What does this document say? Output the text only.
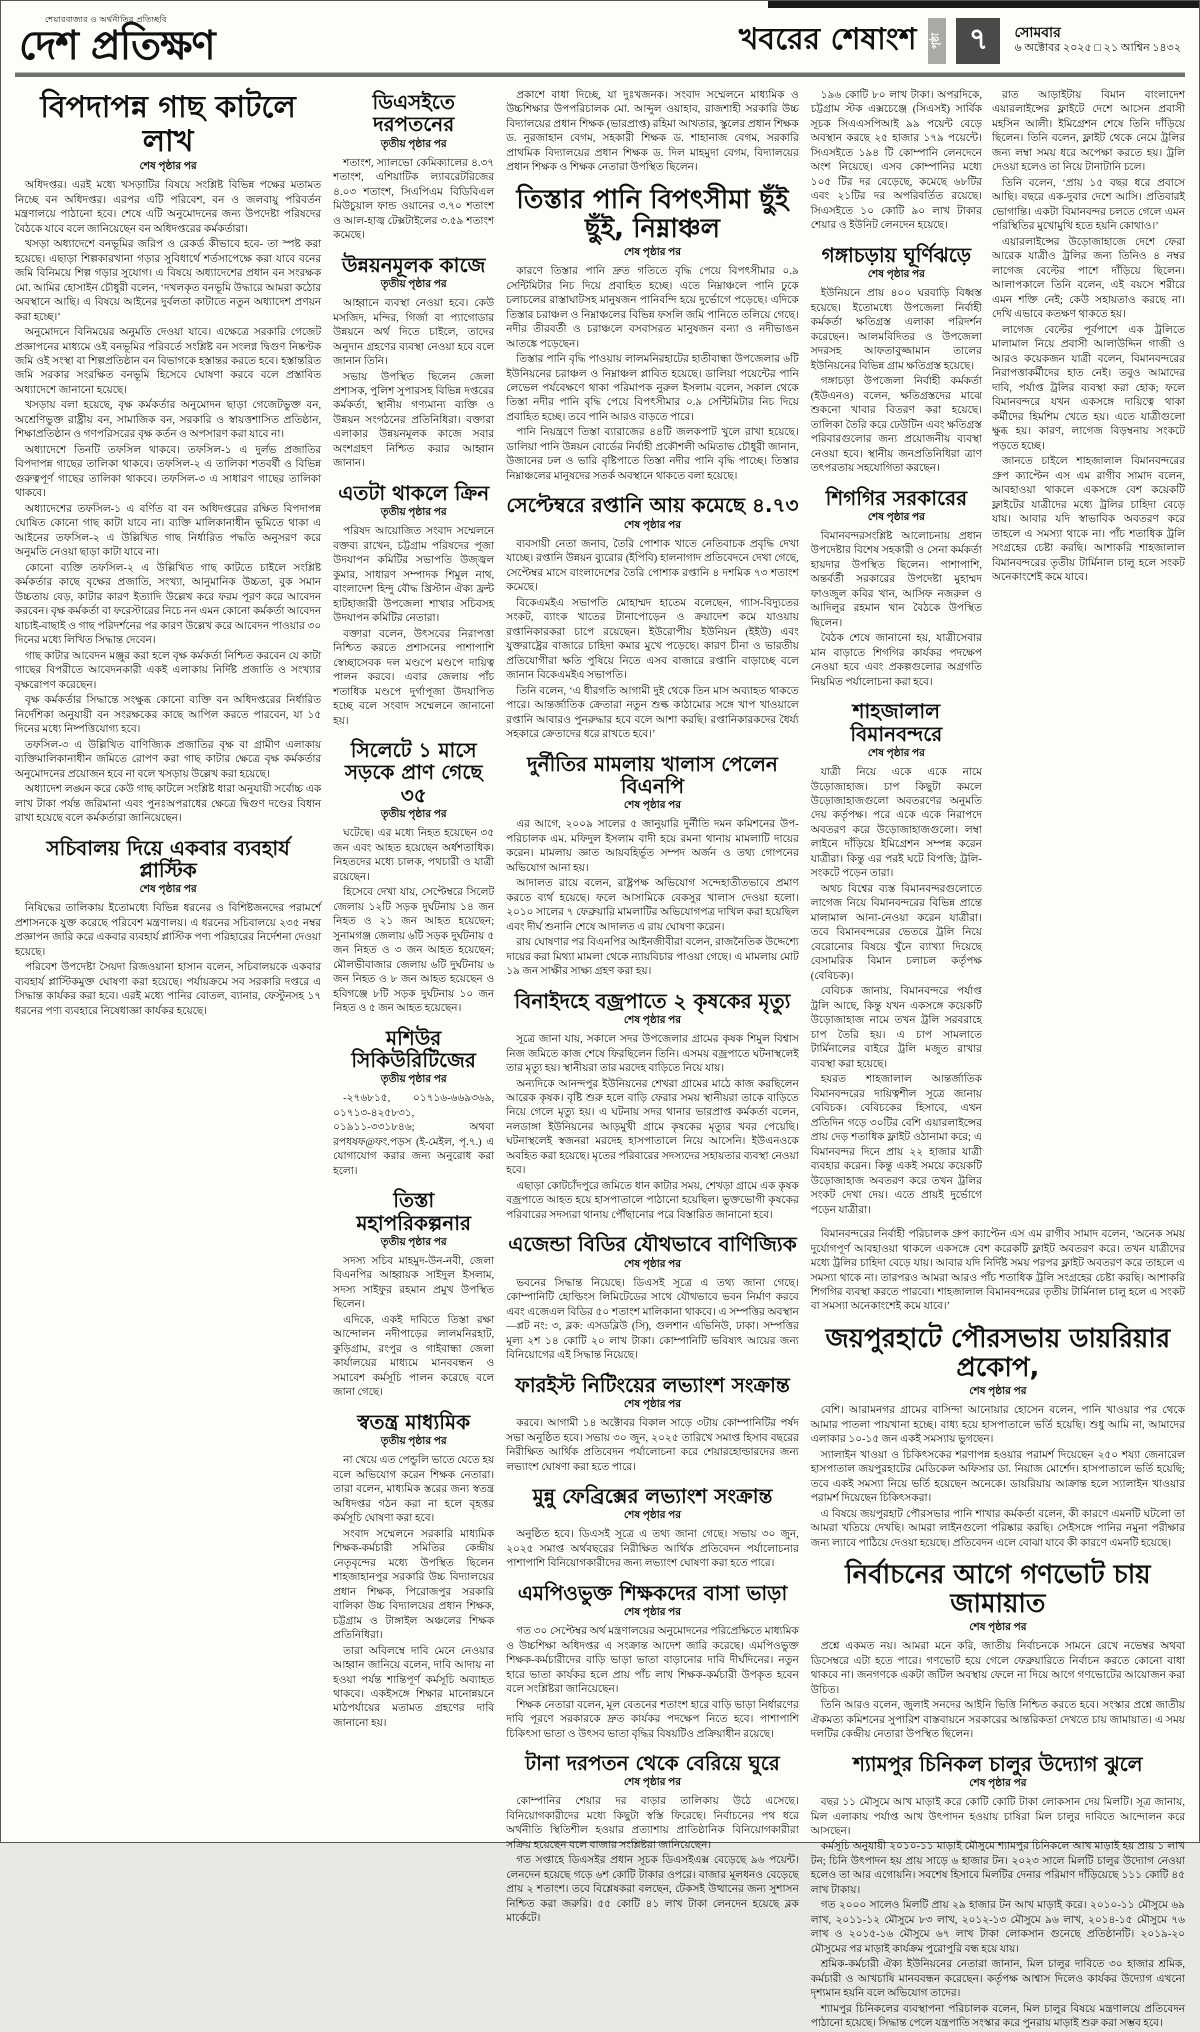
শেয়ারবাজার ও অর্থনীতির প্রতিচ্ছবি
দেশ প্রতিক্ষণ	খবরের শেষাংশ পৃষ্ঠা ৭	সোমবার
৬ অক্টোবর ২০২৫ □ ২১ আশ্বিন ১৪৩২
বিপদাপন্ন গাছ কাটলে লাখ
শেষ পৃষ্ঠার পর

অধিদপ্তর। এরই মধ্যে খসড়াটির বিষয়ে সংশ্লিষ্ট বিভিন্ন পক্ষের মতামত নিচ্ছে বন অধিদপ্তর। এরপর এটি পরিবেশ, বন ও জলবায়ু পরিবর্তন মন্ত্রণালয়ে পাঠানো হবে। শেষে এটি অনুমোদনের জন্য উপদেষ্টা পরিষদের বৈঠকে যাবে বলে জানিয়েছেন বন অধিদপ্তরের কর্মকর্তারা।

খসড়া অধ্যাদেশে বনভূমির জরিপ ও রেকর্ড কীভাবে হবে- তা স্পষ্ট করা হয়েছে। এছাড়া শিল্পকারখানা গড়ার সুবিধার্থে শর্তসাপেক্ষে করা যাবে বনের জমি বিনিময়ে শিল্প গড়ার সুযোগ। এ বিষয়ে অধ্যাদেশের প্রধান বন সংরক্ষক মো. আমির হোসাইন চৌধুরী বলেন, ‘দখলকৃত বনভূমি উদ্ধারে আমরা কঠোর অবস্থানে আছি। এ বিষয়ে আইনের দুর্বলতা কাটাতে নতুন অধ্যাদেশ প্রণয়ন করা হচ্ছে।’

অনুমোদনে বিনিময়ের অনুমতি দেওয়া যাবে। এক্ষেত্রে সরকারি গেজেট প্রজ্ঞাপনের মাধ্যমে ওই বনভূমির পরিবর্তে সংশ্লিষ্ট বন সংলগ্ন দ্বিগুণ নিষ্কণ্টক জমি ওই সংস্থা বা শিল্পপ্রতিষ্ঠান বন বিভাগকে হস্তান্তর করতে হবে। হস্তান্তরিত জমি সরকার সংরক্ষিত বনভূমি হিসেবে ঘোষণা করবে বলে প্রস্তাবিত অধ্যাদেশে জানানো হয়েছে।

খসড়ায় বলা হয়েছে, বৃক্ষ কর্মকর্তার অনুমোদন ছাড়া গেজেটভুক্ত বন, অশ্রেণিভুক্ত রাষ্ট্রীয় বন, সামাজিক বন, সরকারি ও স্বায়ত্তশাসিত প্রতিষ্ঠান, শিক্ষাপ্রতিষ্ঠান ও গণপরিসরের বৃক্ষ কর্তন ও অপসারণ করা যাবে না।

অধ্যাদেশে তিনটি তফসিল থাকবে। তফসিল-১ এ দুর্লভ প্রজাতির বিপদাপন্ন গাছের তালিকা থাকবে। তফসিল-২ এ তালিকা শতবর্ষী ও বিভিন্ন গুরুত্বপূর্ণ গাছের তালিকা থাকবে। তফসিল-৩ এ সাধারণ গাছের তালিকা থাকবে।

অধ্যাদেশের তফসিল-১ এ বর্ণিত বা বন অধিদপ্তরের রক্ষিত বিপদাপন্ন ঘোষিত কোনো গাছ কাটা যাবে না। ব্যক্তি মালিকানাধীন ভূমিতে থাকা এ আইনের তফসিল-২ এ উল্লিখিত গাছ নির্ধারিত পদ্ধতি অনুসরণ করে অনুমতি নেওয়া ছাড়া কাটা যাবে না।

কোনো ব্যক্তি তফসিল-২ এ উল্লিখিত গাছ কাটতে চাইলে সংশ্লিষ্ট কর্মকর্তার কাছে বৃক্ষের প্রজাতি, সংখ্যা, আনুমানিক উচ্চতা, বুক সমান উচ্চতায় বেড়, কাটার কারণ ইত্যাদি উল্লেখ করে ফরম পূরণ করে আবেদন করবেন। বৃক্ষ কর্মকর্তা বা ফরেস্টারের নিচে নন এমন কোনো কর্মকর্তা আবেদন যাচাই-বাছাই ও গাছ পরিদর্শনের পর কারণ উল্লেখ করে আবেদন পাওয়ার ৩০ দিনের মধ্যে লিখিত সিদ্ধান্ত দেবেন।

গাছ কাটার আবেদন মঞ্জুর করা হলে বৃক্ষ কর্মকর্তা নিশ্চিত করবেন যে কাটা গাছের বিপরীতে আবেদনকারী একই এলাকায় নির্দিষ্ট প্রজাতি ও সংখ্যার বৃক্ষরোপণ করেছেন।

বৃক্ষ কর্মকর্তার সিদ্ধান্তে সংক্ষুব্ধ কোনো ব্যক্তি বন অধিদপ্তরের নির্ধারিত নির্দেশিকা অনুযায়ী বন সংরক্ষকের কাছে আপিল করতে পারবেন, যা ১৫ দিনের মধ্যে নিষ্পত্তিযোগ্য হবে।

তফসিল-৩ এ উল্লিখিত বাণিজ্যিক প্রজাতির বৃক্ষ বা গ্রামীণ এলাকায় ব্যক্তিমালিকানাধীন জমিতে রোপণ করা গাছ কাটার ক্ষেত্রে বৃক্ষ কর্মকর্তার অনুমোদনের প্রয়োজন হবে না বলে খসড়ায় উল্লেখ করা হয়েছে।

অধ্যাদেশ লঙ্ঘন করে কেউ গাছ কাটলে সংশ্লিষ্ট ধারা অনুযায়ী সর্বোচ্চ এক লাখ টাকা পর্যন্ত জরিমানা এবং পুনঃঅপরাধের ক্ষেত্রে দ্বিগুণ দণ্ডের বিধান রাখা হয়েছে বলে কর্মকর্তারা জানিয়েছেন।

সচিবালয় দিয়ে একবার ব্যবহার্য প্লাস্টিক
শেষ পৃষ্ঠার পর

নিষিদ্ধের তালিকায় ইতোমধ্যে বিভিন্ন ধরনের ও বিশিষ্টজনদের পরামর্শে প্রশাসনকে যুক্ত করেছে পরিবেশ মন্ত্রণালয়। এ ধরনের সচিবালয়ে ২৩৫ নম্বর প্রজ্ঞাপন জারি করে একবার ব্যবহার্য প্লাস্টিক পণ্য পরিহারের নির্দেশনা দেওয়া হয়েছে।

পরিবেশ উপদেষ্টা সৈয়দা রিজওয়ানা হাসান বলেন, সচিবালয়কে একবার ব্যবহার্য প্লাস্টিকমুক্ত ঘোষণা করা হয়েছে। পর্যায়ক্রমে সব সরকারি দপ্তরে এ সিদ্ধান্ত কার্যকর করা হবে। এরই মধ্যে পানির বোতল, ব্যানার, ফেস্টুনসহ ১৭ ধরনের পণ্য ব্যবহারে নিষেধাজ্ঞা কার্যকর হয়েছে।

ডিএসইতে দরপতনের
তৃতীয় পৃষ্ঠার পর

শতাংশ, স্যালভো কেমিক্যালের ৪.৩৭ শতাংশ, এশিয়াটিক ল্যাবরেটরিজের ৪.০৩ শতাংশ, সিএপিএম বিডিবিএল মিউচুয়াল ফান্ড ওয়ানের ৩.৭০ শতাংশ ও আল-হাজ্ব টেক্সটাইলের ৩.৫৯ শতাংশ কমেছে।

উন্নয়নমূলক কাজে
তৃতীয় পৃষ্ঠার পর

আহ্বানে ব্যবস্থা নেওয়া হবে। কেউ মসজিদ, মন্দির, গির্জা বা প্যাগোডার উন্নয়নে অর্থ দিতে চাইলে, তাদের অনুদান গ্রহণের ব্যবস্থা নেওয়া হবে বলে জানান তিনি।

সভায় উপস্থিত ছিলেন জেলা প্রশাসক, পুলিশ সুপারসহ বিভিন্ন দপ্তরের কর্মকর্তা, স্থানীয় গণ্যমান্য ব্যক্তি ও উন্নয়ন সংগঠনের প্রতিনিধিরা। বক্তারা এলাকার উন্নয়নমূলক কাজে সবার অংশগ্রহণ নিশ্চিত করার আহ্বান জানান।

এতটা থাকলে ক্রিন
তৃতীয় পৃষ্ঠার পর

পরিষদ আয়োজিত সংবাদ সম্মেলনে বক্তব্য রাখেন, চট্টগ্রাম পরিষদের পূজা উদযাপন কমিটির সভাপতি উজ্জ্বল কুমার, সাধারণ সম্পাদক শিমুল নাথ, বাংলাদেশ হিন্দু বৌদ্ধ খ্রিস্টান ঐক্য ফ্রন্ট হাটহাজারী উপজেলা শাখার সচিবসহ উদযাপন কমিটির নেতারা।

বক্তারা বলেন, উৎসবের নিরাপত্তা নিশ্চিত করতে প্রশাসনের পাশাপাশি স্বেচ্ছাসেবক দল মণ্ডপে মণ্ডপে দায়িত্ব পালন করবে। এবার জেলায় পাঁচ শতাধিক মণ্ডপে দুর্গাপূজা উদযাপিত হচ্ছে বলে সংবাদ সম্মেলনে জানানো হয়।

সিলেটে ১ মাসে সড়কে প্রাণ গেছে ৩৫
তৃতীয় পৃষ্ঠার পর

ঘটেছে। এর মধ্যে নিহত হয়েছেন ৩৫ জন এবং আহত হয়েছেন অর্ধশতাধিক। নিহতদের মধ্যে চালক, পথচারী ও যাত্রী রয়েছেন।

হিসেবে দেখা যায়, সেপ্টেম্বরে সিলেট জেলায় ১২টি সড়ক দুর্ঘটনায় ১৪ জন নিহত ও ২১ জন আহত হয়েছেন; সুনামগঞ্জ জেলায় ৬টি সড়ক দুর্ঘটনায় ৫ জন নিহত ও ৩ জন আহত হয়েছেন; মৌলভীবাজার জেলায় ৬টি দুর্ঘটনায় ৬ জন নিহত ও ৮ জন আহত হয়েছেন ও হবিগঞ্জে ৮টি সড়ক দুর্ঘটনায় ১০ জন নিহত ও ৫ জন আহত হয়েছেন।

মশিউর সিকিউরিটিজের
তৃতীয় পৃষ্ঠার পর

-২৭৬৮১৫, ০১৭১৬-৬৬৯৩৬৯, ০১৭১৩-৪২৫৮৩১, ০১৯১১-৩৩১৮৪৬; অথবা রপধষফ@ফং.পড়স (ই-মেইল, পৃ.৭.) এ যোগাযোগ করার জন্য অনুরোধ করা হলো।

তিস্তা মহাপরিকল্পনার
তৃতীয় পৃষ্ঠার পর

সদস্য সচিব মাহমুদ-উন-নবী, জেলা বিএনপির আহ্বায়ক সাইদুল ইসলাম, সদস্য সাইফুর রহমান প্রমুখ উপস্থিত ছিলেন।

এদিকে, একই দাবিতে তিস্তা রক্ষা আন্দোলন নদীপাড়ের লালমনিরহাট, কুড়িগ্রাম, রংপুর ও গাইবান্ধা জেলা কার্যালয়ের মাধ্যমে মানববন্ধন ও সমাবেশ কর্মসূচি পালন করেছে বলে জানা গেছে।

স্বতন্ত্র মাধ্যমিক
তৃতীয় পৃষ্ঠার পর

না খেয়ে এত পেন্ডুলি ভাতে যেতে হয় বলে অভিযোগ করেন শিক্ষক নেতারা। তারা বলেন, মাধ্যমিক স্তরের জন্য স্বতন্ত্র অধিদপ্তর গঠন করা না হলে বৃহত্তর কর্মসূচি ঘোষণা করা হবে।

সংবাদ সম্মেলনে সরকারি মাধ্যমিক শিক্ষক-কর্মচারী সমিতির কেন্দ্রীয় নেতৃবৃন্দের মধ্যে উপস্থিত ছিলেন শাহজাহানপুর সরকারি উচ্চ বিদ্যালয়ের প্রধান শিক্ষক, পিরোজপুর সরকারি বালিকা উচ্চ বিদ্যালয়ের প্রধান শিক্ষক, চট্টগ্রাম ও টাঙ্গাইল অঞ্চলের শিক্ষক প্রতিনিধিরা।

তারা অবিলম্বে দাবি মেনে নেওয়ার আহ্বান জানিয়ে বলেন, দাবি আদায় না হওয়া পর্যন্ত শান্তিপূর্ণ কর্মসূচি অব্যাহত থাকবে। একইসঙ্গে শিক্ষার মানোন্নয়নে মাঠপর্যায়ের মতামত গ্রহণের দাবি জানানো হয়।

প্রকাশে বাধা দিচ্ছে, যা দুঃখজনক। সংবাদ সম্মেলনে মাধ্যমিক ও উচ্চশিক্ষার উপপরিচালক মো. আব্দুল ওয়াহাব, রাজশাহী সরকারি উচ্চ বিদ্যালয়ের প্রধান শিক্ষক (ভারপ্রাপ্ত) রহিমা আখতার, স্কুলের প্রধান শিক্ষক ড. নুরজাহান বেগম, সহকারী শিক্ষক ড. শাহানাজ বেগম, সরকারি প্রাথমিক বিদ্যালয়ের প্রধান শিক্ষক ড. দিল মাহমুদা বেগম, বিদ্যালয়ের প্রধান শিক্ষক ও শিক্ষক নেতারা উপস্থিত ছিলেন।

তিস্তার পানি বিপৎসীমা ছুঁই ছুঁই, নিম্নাঞ্চল
শেষ পৃষ্ঠার পর

কারণে তিস্তার পানি দ্রুত গতিতে বৃদ্ধি পেয়ে বিপৎসীমার ০.৯ সেন্টিমিটার নিচ দিয়ে প্রবাহিত হচ্ছে। এতে নিম্নাঞ্চলে পানি ঢুকে চলাচলের রাস্তাঘাটসহ মানুষজন পানিবন্দি হয়ে দুর্ভোগে পড়েছে। এদিকে তিস্তার চরাঞ্চল ও নিম্নাঞ্চলের বিভিন্ন ফসলি জমি পানিতে তলিয়ে গেছে। নদীর তীরবর্তী ও চরাঞ্চলে বসবাসরত মানুষজন বন্যা ও নদীভাঙন আতঙ্কে পড়েছেন।

তিস্তার পানি বৃদ্ধি পাওয়ায় লালমনিরহাটের হাতীবান্ধা উপজেলার ৬টি ইউনিয়নের চরাঞ্চল ও নিম্নাঞ্চল প্লাবিত হয়েছে। ডালিয়া পয়েন্টের পানি লেভেল পর্যবেক্ষণে থাকা পরিমাপক নুরুল ইসলাম বলেন, সকাল থেকে তিস্তা নদীর পানি বৃদ্ধি পেয়ে বিপৎসীমার ০.৯ সেন্টিমিটার নিচ দিয়ে প্রবাহিত হচ্ছে। তবে পানি আরও বাড়তে পারে।

পানি নিয়ন্ত্রণে তিস্তা ব্যারাজের ৪৪টি জলকপাট খুলে রাখা হয়েছে। ডালিয়া পানি উন্নয়ন বোর্ডের নির্বাহী প্রকৌশলী অমিতাভ চৌধুরী জানান, উজানের ঢল ও ভারি বৃষ্টিপাতে তিস্তা নদীর পানি বৃদ্ধি পাচ্ছে। তিস্তার নিম্নাঞ্চলের মানুষদের সতর্ক অবস্থানে থাকতে বলা হয়েছে।

সেপ্টেম্বরে রপ্তানি আয় কমেছে ৪.৭৩
শেষ পৃষ্ঠার পর

ব্যবসায়ী নেতা জনাব, তৈরি পোশাক খাতে নেতিবাচক প্রবৃদ্ধি দেখা যাচ্ছে। রপ্তানি উন্নয়ন ব্যুরোর (ইপিবি) হালনাগাদ প্রতিবেদনে দেখা গেছে, সেপ্টেম্বর মাসে বাংলাদেশের তৈরি পোশাক রপ্তানি ৪ দশমিক ৭৩ শতাংশ কমেছে।

বিকেএমইএ সভাপতি মোহাম্মদ হাতেম বলেছেন, গ্যাস-বিদ্যুতের সংকট, ব্যাংক খাতের টানাপোড়েন ও ক্রয়াদেশ কমে যাওয়ায় রপ্তানিকারকরা চাপে রয়েছেন। ইউরোপীয় ইউনিয়ন (ইইউ) এবং যুক্তরাষ্ট্রের বাজারে চাহিদা কমার মুখে পড়েছে। কারণ চীনা ও ভারতীয় প্রতিযোগীরা ক্ষতি পুষিয়ে নিতে এসব বাজারে রপ্তানি বাড়াচ্ছে বলে জানান বিকেএমইএ সভাপতি।

তিনি বলেন, ‘এ ধীরগতি আগামী দুই থেকে তিন মাস অব্যাহত থাকতে পারে। আন্তর্জাতিক ক্রেতারা নতুন শুল্ক কাঠামোর সঙ্গে খাপ খাওয়ালে রপ্তানি আবারও পুনরুদ্ধার হবে বলে আশা করছি। রপ্তানিকারকদের ধৈর্য্য সহকারে ক্রেতাদের ধরে রাখতে হবে।’

দুর্নীতির মামলায় খালাস পেলেন বিএনপি
শেষ পৃষ্ঠার পর

এর আগে, ২০০৯ সালের ৫ জানুয়ারি দুর্নীতি দমন কমিশনের উপ-পরিচালক এম. মফিদুল ইসলাম বাদী হয়ে রমনা থানায় মামলাটি দায়ের করেন। মামলায় জ্ঞাত আয়বহির্ভূত সম্পদ অর্জন ও তথ্য গোপনের অভিযোগ আনা হয়।

আদালত রায়ে বলেন, রাষ্ট্রপক্ষ অভিযোগ সন্দেহাতীতভাবে প্রমাণ করতে ব্যর্থ হয়েছে। ফলে আসামিকে বেকসুর খালাস দেওয়া হলো। ২০১০ সালের ৭ ফেব্রুয়ারি মামলাটির অভিযোগপত্র দাখিল করা হয়েছিল এবং দীর্ঘ শুনানি শেষে আদালত এ রায় ঘোষণা করেন।

রায় ঘোষণার পর বিএনপির আইনজীবীরা বলেন, রাজনৈতিক উদ্দেশ্যে দায়ের করা মিথ্যা মামলা থেকে ন্যায়বিচার পাওয়া গেছে। এ মামলায় মোট ১৯ জন সাক্ষীর সাক্ষ্য গ্রহণ করা হয়।

বিনাইদহে বজ্রপাতে ২ কৃষকের মৃত্যু
শেষ পৃষ্ঠার পর

সূত্রে জানা যায়, সকালে সদর উপজেলার গ্রামের কৃষক শিমুল বিশ্বাস নিজ জমিতে কাজ শেষে ফিরছিলেন তিনি। এসময় বজ্রপাতে ঘটনাস্থলেই তার মৃত্যু হয়। স্থানীয়রা তার মরদেহ বাড়িতে নিয়ে যায়।

অন্যদিকে আনন্দপুর ইউনিয়নের শেখরা গ্রামের মাঠে কাজ করছিলেন আরেক কৃষক। বৃষ্টি শুরু হলে বাড়ি ফেরার সময় স্থানীয়রা তাকে বাড়িতে নিয়ে গেলে মৃত্যু হয়। এ ঘটনায় সদর থানার ভারপ্রাপ্ত কর্মকর্তা বলেন, নলডাঙ্গা ইউনিয়নের আড়মুখী গ্রামে কৃষকের মৃত্যুর খবর পেয়েছি। ঘটনাস্থলেই স্বজনরা মরদেহ হাসপাতালে নিয়ে আসেনি। ইউএনওকে অবহিত করা হয়েছে। মৃতের পরিবারের সদস্যদের সহায়তার ব্যবস্থা নেওয়া হবে।

এছাড়া কোটচাঁদপুরে জমিতে ধান কাটার সময়, শেখড়া গ্রামে এক কৃষক বজ্রপাতে আহত হয়ে হাসপাতালে পাঠানো হয়েছিল। ভুক্তভোগী কৃষকের পরিবারের সদস্যরা থানায় পৌঁছানোর পরে বিস্তারিত জানানো হবে।

এজেন্ডা বিডির যৌথভাবে বাণিজ্যিক
শেষ পৃষ্ঠার পর

ভবনের সিদ্ধান্ত নিয়েছে। ডিএসই সূত্রে এ তথ্য জানা গেছে। কোম্পানিটি হোল্ডিংস লিমিটেডের সাথে যৌথভাবে ভবন নির্মাণ করবে এবং এজেএল বিডির ৫০ শতাংশ মালিকানা থাকবে। এ সম্পত্তির অবস্থান—প্লট নং: ৩, ব্লক: এসডব্লিউ (সি), গুলশান এভিনিউ, ঢাকা। সম্পত্তির মূল্য ২শ ১৪ কোটি ২০ লাখ টাকা। কোম্পানিটি ভবিষ্যৎ আয়ের জন্য বিনিয়োগের এই সিদ্ধান্ত নিয়েছে।

ফারইস্ট নিটিংয়ের লভ্যাংশ সংক্রান্ত
শেষ পৃষ্ঠার পর

করবে। আগামী ১৪ অক্টোবর বিকাল সাড়ে ৩টায় কোম্পানিটির পর্ষদ সভা অনুষ্ঠিত হবে। সভায় ৩০ জুন, ২০২৫ তারিখে সমাপ্ত হিসাব বছরের নিরীক্ষিত আর্থিক প্রতিবেদন পর্যালোচনা করে শেয়ারহোল্ডারদের জন্য লভ্যাংশ ঘোষণা করা হতে পারে।

মুন্নু ফেব্রিক্সের লভ্যাংশ সংক্রান্ত
শেষ পৃষ্ঠার পর

অনুষ্ঠিত হবে। ডিএসই সূত্রে এ তথ্য জানা গেছে। সভায় ৩০ জুন, ২০২৫ সমাপ্ত অর্থবছরের নিরীক্ষিত আর্থিক প্রতিবেদন পর্যালোচনার পাশাপাশি বিনিয়োগকারীদের জন্য লভ্যাংশ ঘোষণা করা হতে পারে।

এমপিওভুক্ত শিক্ষকদের বাসা ভাড়া
শেষ পৃষ্ঠার পর

গত ৩০ সেপ্টেম্বর অর্থ মন্ত্রণালয়ের অনুমোদনের পরিপ্রেক্ষিতে মাধ্যমিক ও উচ্চশিক্ষা অধিদপ্তর এ সংক্রান্ত আদেশ জারি করেছে। এমপিওভুক্ত শিক্ষক-কর্মচারীদের বাড়ি ভাড়া ভাতা বাড়ানোর দাবি দীর্ঘদিনের। নতুন হারে ভাতা কার্যকর হলে প্রায় পাঁচ লাখ শিক্ষক-কর্মচারী উপকৃত হবেন বলে সংশ্লিষ্টরা জানিয়েছেন।

শিক্ষক নেতারা বলেন, মূল বেতনের শতাংশ হারে বাড়ি ভাড়া নির্ধারণের দাবি পূরণে সরকারকে দ্রুত কার্যকর পদক্ষেপ নিতে হবে। পাশাপাশি চিকিৎসা ভাতা ও উৎসব ভাতা বৃদ্ধির বিষয়টিও প্রক্রিয়াধীন রয়েছে।

টানা দরপতন থেকে বেরিয়ে ঘুরে
শেষ পৃষ্ঠার পর

কোম্পানির শেয়ার দর বাড়ার তালিকায় উঠে এসেছে। বিনিয়োগকারীদের মধ্যে কিছুটা স্বস্তি ফিরেছে। নির্বাচনের পথ ধরে অর্থনীতি স্থিতিশীল হওয়ার প্রত্যাশায় প্রাতিষ্ঠানিক বিনিয়োগকারীরা সক্রিয় হয়েছেন বলে বাজার সংশ্লিষ্টরা জানিয়েছেন।

গত সপ্তাহে ডিএসইর প্রধান সূচক ডিএসইএক্স বেড়েছে ৯৬ পয়েন্ট। লেনদেন হয়েছে গড়ে ৬শ কোটি টাকার ওপরে। বাজার মূলধনও বেড়েছে প্রায় ২ শতাংশ। তবে বিশ্লেষকরা বলছেন, টেকসই উত্থানের জন্য সুশাসন নিশ্চিত করা জরুরি। ৫৫ কোটি ৪১ লাখ টাকা লেনদেন হয়েছে ব্লক মার্কেটে।

১৯৬ কোটি ৮০ লাখ টাকা। অপরদিকে, চট্টগ্রাম স্টক এক্সচেঞ্জে (সিএসই) সার্বিক সূচক সিএএসপিআই ৯৯ পয়েন্ট বেড়ে অবস্থান করছে ২৫ হাজার ১৭৯ পয়েন্টে। সিএসইতে ১৯৪ টি কোম্পানি লেনদেনে অংশ নিয়েছে। এসব কোম্পানির মধ্যে ১০৫ টির দর বেড়েছে, কমেছে ৬৮টির এবং ২১টির দর অপরিবর্তিত রয়েছে। সিএসইতে ১০ কোটি ৯০ লাখ টাকার শেয়ার ও ইউনিট লেনদেন হয়েছে।

গঙ্গাচড়ায় ঘূর্ণিঝড়ে
শেষ পৃষ্ঠার পর

ইউনিয়নে প্রায় ৪০০ ঘরবাড়ি বিধ্বস্ত হয়েছে। ইতোমধ্যে উপজেলা নির্বাহী কর্মকর্তা ক্ষতিগ্রস্ত এলাকা পরিদর্শন করেছেন। আলমবিদিতর ও উপজেলা সদরসহ আফতাবুজ্জামান তালের ইউনিয়নের বিভিন্ন গ্রাম ক্ষতিগ্রস্ত হয়েছে।

গঙ্গাচড়া উপজেলা নির্বাহী কর্মকর্তা (ইউএনও) বলেন, ক্ষতিগ্রস্তদের মাঝে শুকনো খাবার বিতরণ করা হয়েছে। তালিকা তৈরি করে ঢেউটিন এবং ক্ষতিগ্রস্ত পরিবারগুলোর জন্য প্রয়োজনীয় ব্যবস্থা নেওয়া হবে। স্থানীয় জনপ্রতিনিধিরা ত্রাণ তৎপরতায় সহযোগিতা করছেন।

শিগগির সরকারের
শেষ পৃষ্ঠার পর

বিমানবন্দরসংশ্লিষ্ট আলোচনায় প্রধান উপদেষ্টার বিশেষ সহকারী ও সেনা কর্মকর্তা হায়দার উপস্থিত ছিলেন। পাশাপাশি, অন্তর্বর্তী সরকারের উপদেষ্টা মুহাম্মদ ফাওজুল কবির খান, আসিফ নজরুল ও আদিলুর রহমান খান বৈঠকে উপস্থিত ছিলেন।

বৈঠক শেষে জানানো হয়, যাত্রীসেবার মান বাড়াতে শিগগির কার্যকর পদক্ষেপ নেওয়া হবে এবং প্রকল্পগুলোর অগ্রগতি নিয়মিত পর্যালোচনা করা হবে।

শাহজালাল বিমানবন্দরে
শেষ পৃষ্ঠার পর

যাত্রী নিয়ে একে একে নামে উড়োজাহাজ। চাপ কিছুটা কমলে উড়োজাহাজগুলো অবতরণের অনুমতি দেয় কর্তৃপক্ষ। পরে একে একে নিরাপদে অবতরণ করে উড়োজাহাজগুলো। লম্বা লাইনে দাঁড়িয়ে ইমিগ্রেশন সম্পন্ন করেন যাত্রীরা। কিন্তু এর পরই ঘটে বিপত্তি; ট্রলি-সংকটে পড়েন তারা।

অথচ বিশ্বের ব্যস্ত বিমানবন্দরগুলোতে লাগেজ নিয়ে বিমানবন্দরের বিভিন্ন প্রান্তে মালামাল আনা-নেওয়া করেন যাত্রীরা। তবে বিমানবন্দরের ভেতরে ট্রলি নিয়ে বেরোনোর বিষয়ে খুঁনে ব্যাখ্যা দিয়েছে বেসামরিক বিমান চলাচল কর্তৃপক্ষ (বেবিচক)।

বেবিচক জানায়, বিমানবন্দরে পর্যাপ্ত ট্রলি আছে, কিন্তু যখন একসঙ্গে কয়েকটি উড়োজাহাজ নামে তখন ট্রলি সরবরাহে চাপ তৈরি হয়। এ চাপ সামলাতে টার্মিনালের বাইরে ট্রলি মজুত রাখার ব্যবস্থা করা হয়েছে।

হযরত শাহজালাল আন্তর্জাতিক বিমানবন্দরের দায়িত্বশীল সূত্রে জানায় বেবিচক। বেবিচকের হিসাবে, এখন প্রতিদিন গড়ে ৩০টির বেশি এয়ারলাইন্সের প্রায় দেড় শতাধিক ফ্লাইট ওঠানামা করে; এ বিমানবন্দর দিনে প্রায় ২২ হাজার যাত্রী ব্যবহার করেন। কিন্তু একই সময়ে কয়েকটি উড়োজাহাজ অবতরণ করে তখন ট্রলির সংকট দেখা দেয়। এতে প্রায়ই দুর্ভোগে পড়েন যাত্রীরা।

রাত আড়াইটায় বিমান বাংলাদেশ এয়ারলাইন্সের ফ্লাইটে দেশে আসেন প্রবাসী মহসিন আলী। ইমিগ্রেশন শেষে তিনি দাঁড়িয়ে ছিলেন। তিনি বলেন, ফ্লাইট থেকে নেমে ট্রলির জন্য লম্বা সময় ধরে অপেক্ষা করতে হয়। ট্রলি দেওয়া হলেও তা নিয়ে টানাটানি চলে।

তিনি বলেন, ‘প্রায় ১৫ বছর ধরে প্রবাসে আছি। বছরে এক-দুবার দেশে আসি। প্রতিবারই ভোগান্তি। একটা বিমানবন্দর চলতে গেলে এমন পরিস্থিতির মুখোমুখি হতে হয়নি কোথাও।’

এয়ারলাইন্সের উড়োজাহাজে দেশে ফেরা আরেক যাত্রীও ট্রলির জন্য তিনিও ৪ নম্বর লাগেজ বেল্টের পাশে দাঁড়িয়ে ছিলেন। আলাপকালে তিনি বলেন, এই বয়সে শরীরে এমন শক্তি নেই; কেউ সহায়তাও করছে না। দেখি এভাবে কতক্ষণ থাকতে হয়।

লাগেজ বেল্টের পূর্বপাশে এক ট্রলিতে মালামাল নিয়ে প্রবাসী আলাউদ্দিন গাজী ও আরও কয়েকজন যাত্রী বলেন, বিমানবন্দরের নিরাপত্তাকর্মীদের হাত নেই। তবুও আমাদের দাবি, পর্যাপ্ত ট্রলির ব্যবস্থা করা হোক; ফলে বিমানবন্দরে যখন একসঙ্গে দায়িত্বে থাকা কর্মীদের হিমশিম খেতে হয়। এতে যাত্রীগুলো ক্ষুব্ধ হয়। কারণ, লাগেজ বিড়ম্বনায় সংকটে পড়তে হচ্ছে।

জানতে চাইলে শাহজালাল বিমানবন্দরের গ্রুপ ক্যাপ্টেন এস এম রাগীব সামাদ বলেন, আবহাওয়া থাকলে একসঙ্গে বেশ কয়েকটি ফ্লাইটের যাত্রীদের মধ্যে ট্রলির চাহিদা বেড়ে যায়। আবার যদি স্বাভাবিক অবতরণ করে তাহলে এ সমস্যা থাকে না। পাঁচ শতাধিক ট্রলি সংগ্রহের চেষ্টা করছি। আশাকরি শাহজালাল বিমানবন্দরের তৃতীয় টার্মিনাল চালু হলে সংকট অনেকাংশেই কমে যাবে।

বিমানবন্দরের নির্বাহী পরিচালক গ্রুপ ক্যাপ্টেন এস এম রাগীব সামাদ বলেন, ‘অনেক সময় দুর্যোগপূর্ণ আবহাওয়া থাকলে একসঙ্গে বেশ করেকটি ফ্লাইট অবতরণ করে। তখন যাত্রীদের মধ্যে ট্রলির চাহিদা বেড়ে যায়। আবার যদি নির্দিষ্ট সময় পরপর ফ্লাইট অবতরণ করে তাহলে এ সমস্যা থাকে না। তারপরও আমরা আরও পাঁচ শতাধিক ট্রলি সংগ্রহের চেষ্টা করছি। আশাকরি শিগগির ব্যবস্থা করতে পারবো। শাহজালাল বিমানবন্দরের তৃতীয় টার্মিনাল চালু হলে এ সংকট বা সমস্যা অনেকাংশেই কমে যাবে।’

জয়পুরহাটে পৌরসভায় ডায়রিয়ার প্রকোপ,
শেষ পৃষ্ঠার পর

বেশি। আরামনগর গ্রামের বাসিন্দা আনোয়ার হোসেন বলেন, পানি খাওয়ার পর থেকে আমার পাতলা পায়খানা হচ্ছে। বাধ্য হয়ে হাসপাতালে ভর্তি হয়েছি। শুধু আমি না, আমাদের এলাকার ১০-১৫ জন একই সমস্যায় ভুগছেন।

স্যালাইন খাওয়া ও চিকিৎসকের শরণাপন্ন হওয়ার পরামর্শ দিয়েছেন ২৫০ শয্যা জেনারেল হাসপাতাল জয়পুরহাটের মেডিকেল অফিসার ডা. নিয়াজ মোর্শেদ। হাসপাতালে ভর্তি হয়েছি; তবে একই সমস্যা নিয়ে ভর্তি হয়েছেন অনেকে। ডায়রিয়ায় আক্রান্ত হলে স্যালাইন খাওয়ার পরামর্শ দিয়েছেন চিকিৎসকরা।

এ বিষয়ে জয়পুরহাট পৌরসভার পানি শাখার কর্মকর্তা বলেন, কী কারণে এমনটি ঘটলো তা আমরা খতিয়ে দেখছি। আমরা লাইনগুলো পরিষ্কার করছি। সেইসঙ্গে পানির নমুনা পরীক্ষার জন্য ল্যাবে পাঠিয়ে দেওয়া হয়েছে। প্রতিবেদন এলে বোঝা যাবে কী কারণে এমনটি হয়েছে।

নির্বাচনের আগে গণভোট চায় জামায়াত
শেষ পৃষ্ঠার পর

প্রশ্নে একমত নয়। আমরা মনে করি, জাতীয় নির্বাচনকে সামনে রেখে নভেম্বর অথবা ডিসেম্বরে এটা হতে পারে। গণভোট হয়ে গেলে ফেব্রুয়ারিতে নির্বাচন করতে কোনো বাধা থাকবে না। জনগণকে একটা জটিল অবস্থায় ফেলে না দিয়ে আগে গণভোটের আয়োজন করা উচিত।

তিনি আরও বলেন, জুলাই সনদের আইনি ভিত্তি নিশ্চিত করতে হবে। সংস্কার প্রশ্নে জাতীয় ঐকমত্য কমিশনের সুপারিশ বাস্তবায়নে সরকারের আন্তরিকতা দেখতে চায় জামায়াত। এ সময় দলটির কেন্দ্রীয় নেতারা উপস্থিত ছিলেন।

শ্যামপুর চিনিকল চালুর উদ্যোগ ঝুলে
শেষ পৃষ্ঠার পর

বছর ১১ মৌসুমে আখ মাড়াই করে কোটি কোটি টাকা লোকসান দেয় মিলটি। সূত্র জানায়, মিল এলাকায় পর্যাপ্ত আখ উৎপাদন হওয়ায় চাষিরা মিল চালুর দাবিতে আন্দোলন করে আসছেন।

কর্মসূচি অনুযায়ী ২০১০-১১ মাড়াই মৌসুমে শ্যামপুর চিনিকলে আখ মাড়াই হয় প্রায় ১ লাখ টন; চিনি উৎপাদন হয় প্রায় সাড়ে ৬ হাজার টন। ২০২৩ সালে মিলটি চালুর উদ্যোগ নেওয়া হলেও তা আর এগোয়নি। সবশেষ হিসাবে মিলটির দেনার পরিমাণ দাঁড়িয়েছে ১১১ কোটি ৪৫ লাখ টাকায়।

গত ২০০০ সালেও মিলটি প্রায় ২৯ হাজার টন আখ মাড়াই করে। ২০১০-১১ মৌসুমে ৬৯ লাখ, ২০১১-১২ মৌসুমে ৮৩ লাখ, ২০১২-১৩ মৌসুমে ৯৬ লাখ, ২০১৪-১৫ মৌসুমে ৭৬ লাখ ও ২০১৫-১৬ মৌসুমে ৬৭ লাখ টাকা লোকসান গুনেছে প্রতিষ্ঠানটি। ২০১৯-২০ মৌসুমের পর মাড়াই কার্যক্রম পুরোপুরি বন্ধ হয়ে যায়।

শ্রমিক-কর্মচারী ঐক্য ইউনিয়নের নেতারা জানান, মিল চালুর দাবিতে ৩০ হাজার শ্রমিক, কর্মচারী ও আখচাষি মানববন্ধন করেছেন। কর্তৃপক্ষ আশ্বাস দিলেও কার্যকর উদ্যোগ এখনো দৃশ্যমান হয়নি বলে অভিযোগ তাদের।

শ্যামপুর চিনিকলের ব্যবস্থাপনা পরিচালক বলেন, মিল চালুর বিষয়ে মন্ত্রণালয়ে প্রতিবেদন পাঠানো হয়েছে। সিদ্ধান্ত পেলে যন্ত্রপাতি সংস্কার করে পুনরায় মাড়াই শুরু করা সম্ভব হবে।
